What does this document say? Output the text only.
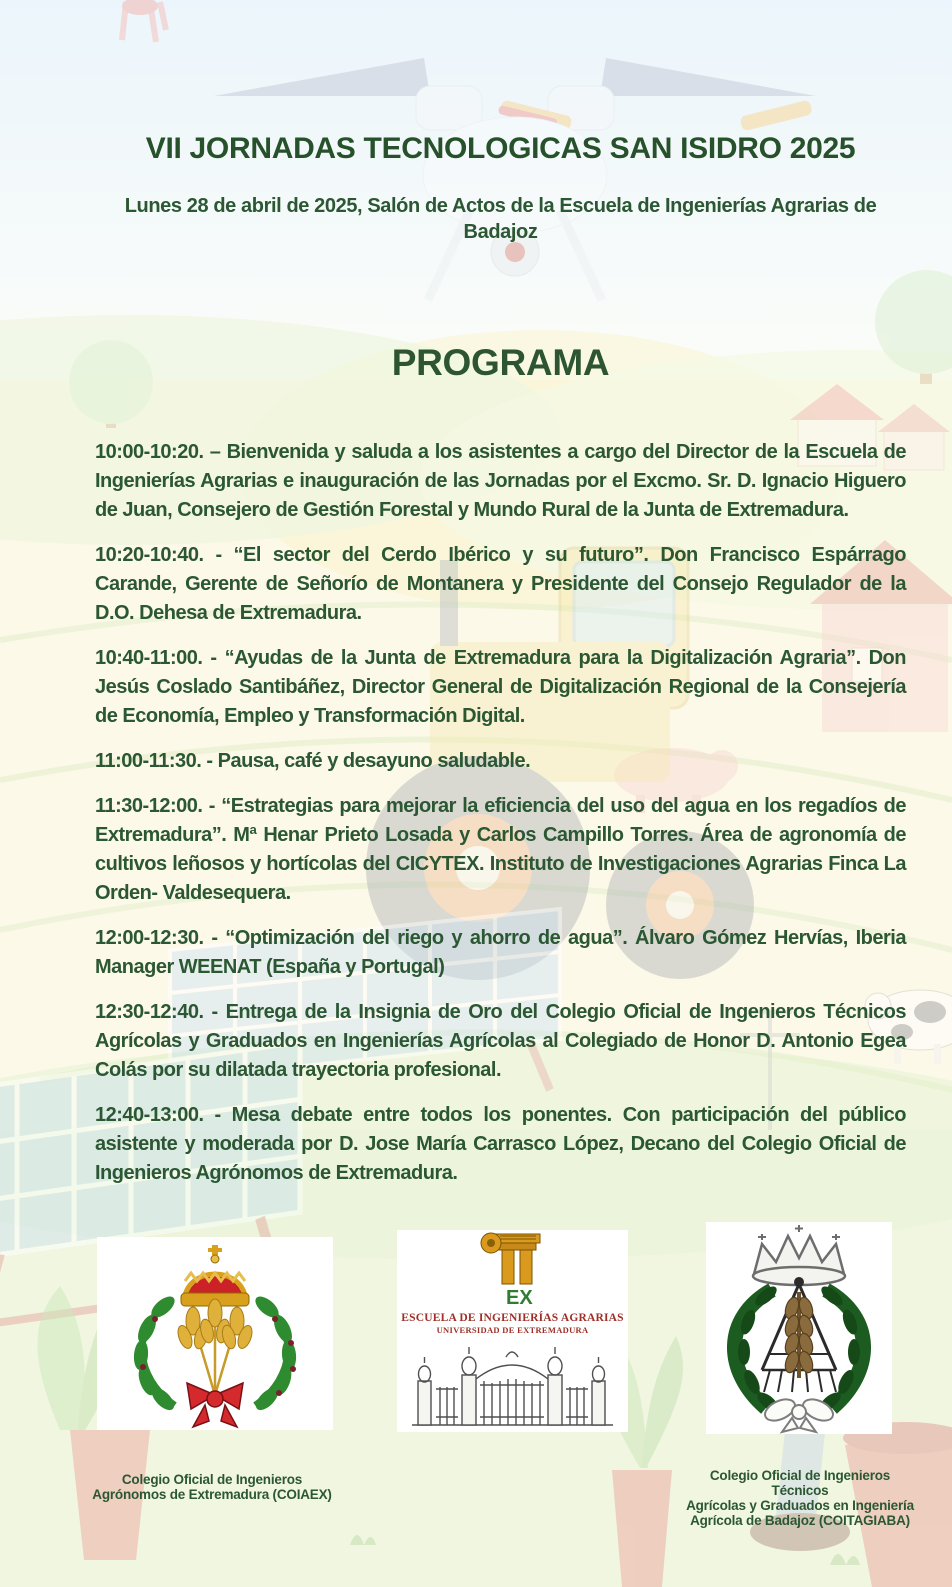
VII JORNADAS TECNOLOGICAS SAN ISIDRO 2025
Lunes 28 de abril de 2025, Salón de Actos de la Escuela de Ingenierías Agrarias de Badajoz
PROGRAMA

10:00-10:20. – Bienvenida y saluda a los asistentes a cargo del Director de la Escuela de Ingenierías Agrarias e inauguración de las Jornadas por el Excmo. Sr. D. Ignacio Higuero de Juan, Consejero de Gestión Forestal y Mundo Rural de la Junta de Extremadura.

10:20-10:40. - “El sector del Cerdo Ibérico y su futuro”. Don Francisco Espárrago Carande, Gerente de Señorío de Montanera y Presidente del Consejo Regulador de la D.O. Dehesa de Extremadura.

10:40-11:00. - “Ayudas de la Junta de Extremadura para la Digitalización Agraria”. Don Jesús Coslado Santibáñez, Director General de Digitalización Regional de la Consejería de Economía, Empleo y Transformación Digital.

11:00-11:30. - Pausa, café y desayuno saludable.

11:30-12:00. - “Estrategias para mejorar la eficiencia del uso del agua en los regadíos de Extremadura”. Mª Henar Prieto Losada y Carlos Campillo Torres. Área de agronomía de cultivos leñosos y hortícolas del CICYTEX. Instituto de Investigaciones Agrarias Finca La Orden- Valdesequera.

12:00-12:30. - “Optimización del riego y ahorro de agua”. Álvaro Gómez Hervías, Iberia Manager WEENAT (España y Portugal)

12:30-12:40. - Entrega de la Insignia de Oro del Colegio Oficial de Ingenieros Técnicos Agrícolas y Graduados en Ingenierías Agrícolas al Colegiado de Honor D. Antonio Egea Colás por su dilatada trayectoria profesional.

12:40-13:00. - Mesa debate entre todos los ponentes. Con participación del público asistente y moderada por D. Jose María Carrasco López, Decano del Colegio Oficial de Ingenieros Agrónomos de Extremadura.

EX
ESCUELA DE INGENIERÍAS AGRARIAS
UNIVERSIDAD DE EXTREMADURA
Colegio Oficial de Ingenieros
Agrónomos de Extremadura (COIAEX)
Colegio Oficial de Ingenieros Técnicos
Agrícolas y Graduados en Ingeniería
Agrícola de Badajoz (COITAGIABA)
